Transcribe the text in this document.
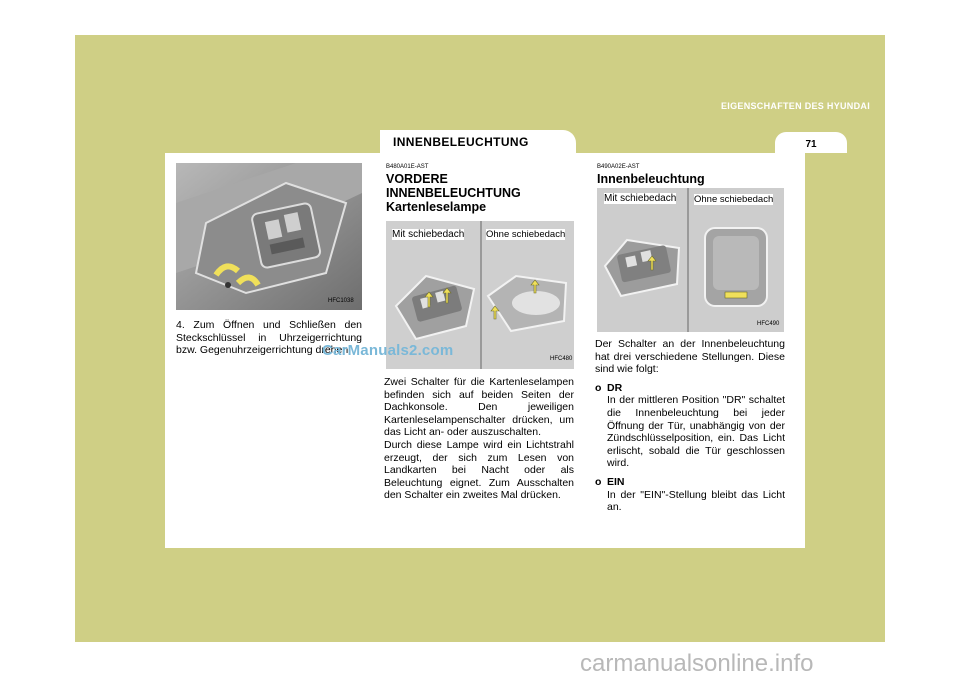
1
EIGENSCHAFTEN DES HYUNDAI
INNENBELEUCHTUNG	71
HFC1038
4. Zum Öffnen und Schließen den Steckschlüssel in Uhrzeigerrichtung bzw. Gegenuhrzeigerrichtung drehen.
B480A01E-AST
VORDERE
INNENBELEUCHTUNG
Kartenleselampe
Mit schiebedach Ohne schiebedach
HFC480
Zwei Schalter für die Kartenleselampen befinden sich auf beiden Seiten der Dachkonsole. Den jeweiligen Kartenleselampenschalter drücken, um das Licht an- oder auszuschalten.
Durch diese Lampe wird ein Lichtstrahl erzeugt, der sich zum Lesen von Landkarten bei Nacht oder als Beleuchtung eignet. Zum Ausschalten den Schalter ein zweites Mal drücken.
B490A02E-AST
Innenbeleuchtung
Mit schiebedach Ohne schiebedach
HFC490
Der Schalter an der Innenbeleuchtung hat drei verschiedene Stellungen. Diese sind wie folgt:
o DR
In der mittleren Position "DR" schaltet die Innenbeleuchtung bei jeder Öffnung der Tür, unabhängig von der Zündschlüsselposition, ein. Das Licht erlischt, sobald die Tür geschlossen wird.
o EIN
In der "EIN"-Stellung bleibt das Licht an.
CarManuals2.com
carmanualsonline.info
